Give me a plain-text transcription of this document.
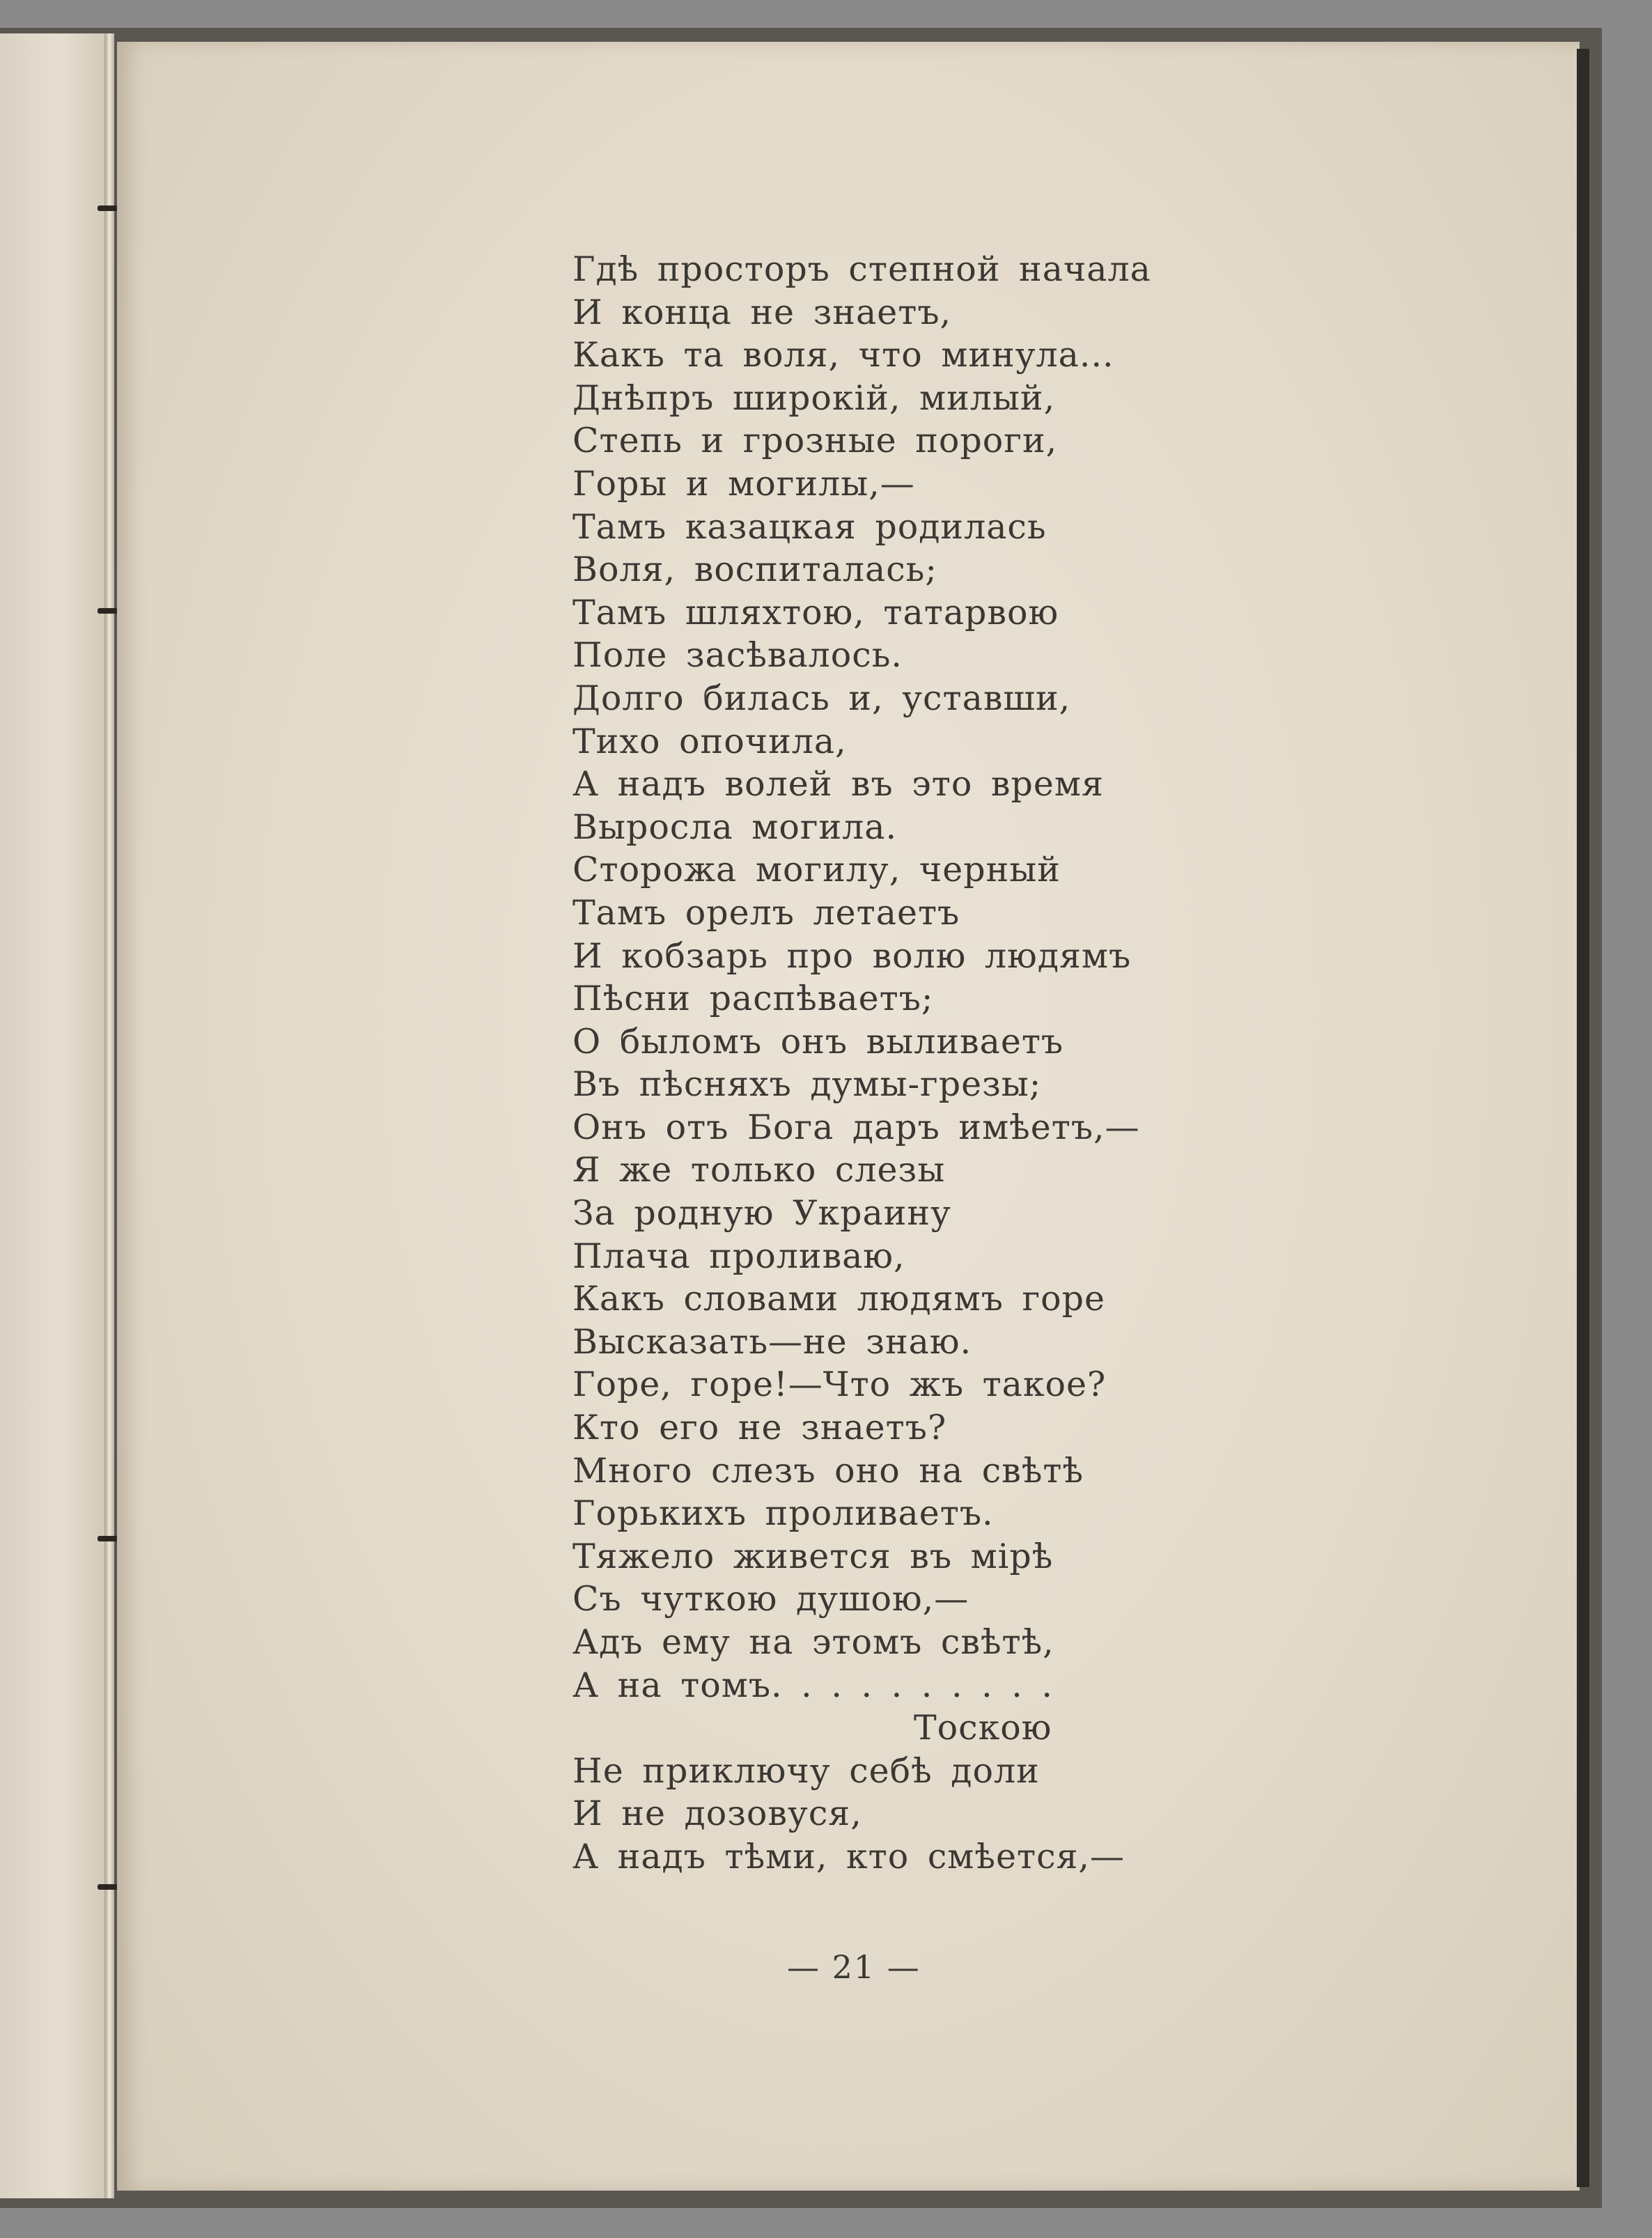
Гдѣ просторъ степной начала
И конца не знаетъ,
Какъ та воля, что минула...
Днѣпръ широкій, милый,
Степь и грозные пороги,
Горы и могилы,—
Тамъ казацкая родилась
Воля, воспиталась;
Тамъ шляхтою, татарвою
Поле засѣвалось.
Долго билась и, уставши,
Тихо опочила,
А надъ волей въ это время
Выросла могила.
Сторожа могилу, черный
Тамъ орелъ летаетъ
И кобзарь про волю людямъ
Пѣсни распѣваетъ;
О быломъ онъ выливаетъ
Въ пѣсняхъ думы-грезы;
Онъ отъ Бога даръ имѣетъ,—
Я же только слезы
За родную Украину
Плача проливаю,
Какъ словами людямъ горе
Высказать—не знаю.
Горе, горе!—Что жъ такое?
Кто его не знаетъ?
Много слезъ оно на свѣтѣ
Горькихъ проливаетъ.
Тяжело живется въ мірѣ
Съ чуткою душою,—
Адъ ему на этомъ свѣтѣ,
А на томъ. . . . . . . . . .
Тоскою
Не приключу себѣ доли
И не дозовуся,
А надъ тѣми, кто смѣется,—
— 21 —
